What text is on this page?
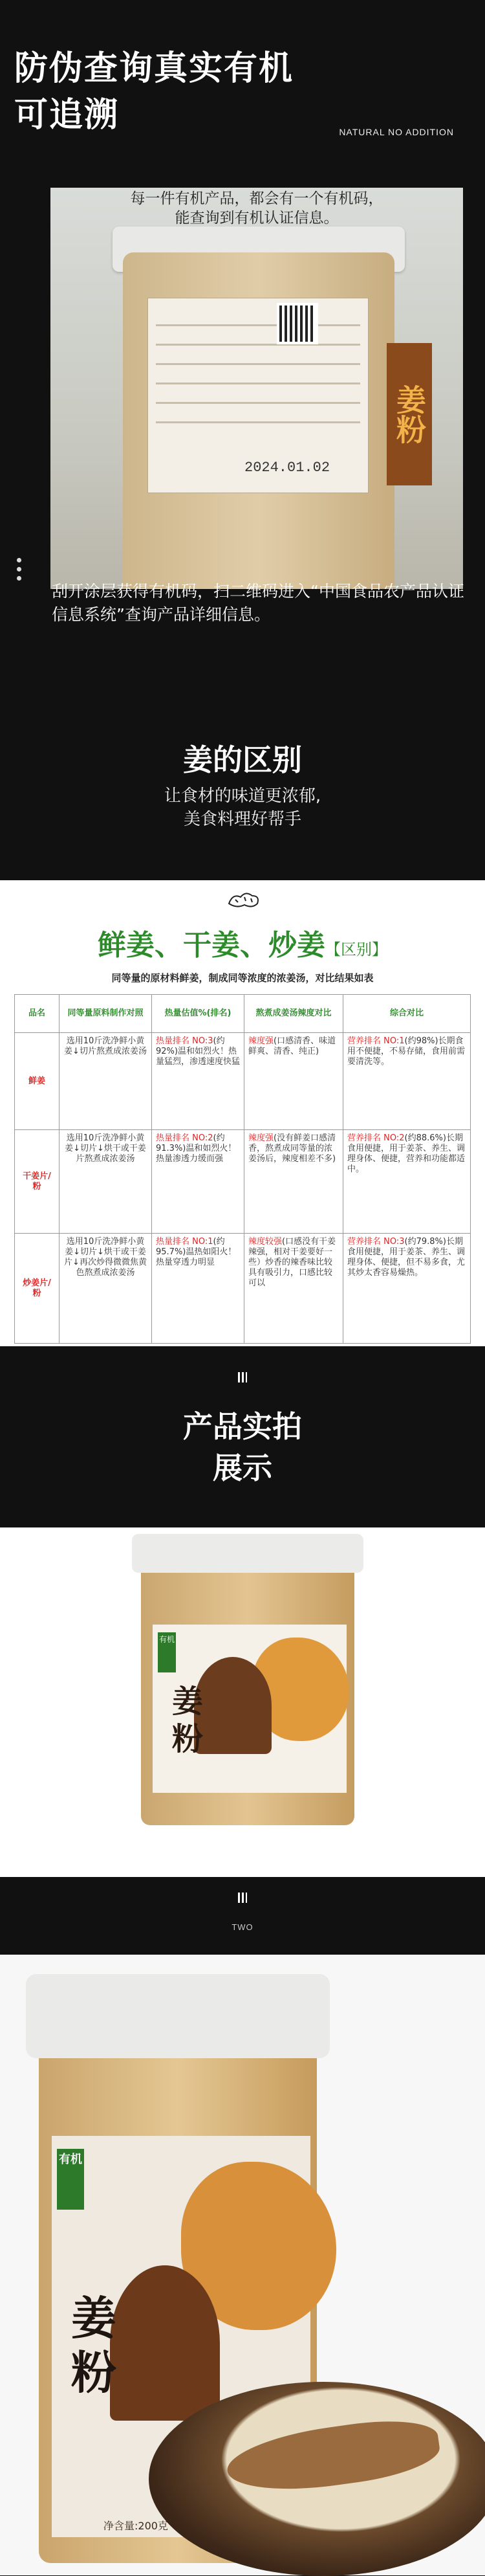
防伪查询真实有机
可追溯	NATURAL NO ADDITION
2024.01.02
姜粉
每一件有机产品，都会有一个有机码，
能查询到有机认证信息。
刮开涂层获得有机码，扫二维码进入“中国食品农产品认证信息系统”查询产品详细信息。
姜的区别
让食材的味道更浓郁,
美食料理好帮手
鲜姜、干姜、炒姜【区别】
同等量的原材料鲜姜，制成同等浓度的浓姜汤，对比结果如表
品名	同等量原料制作对照	热量估值%(排名)	熬煮成姜汤辣度对比	综合对比
鲜姜	选用10斤洗净鲜小黄姜↓切片熬煮成浓姜汤	热量排名 NO:3(约92%)温和如烈火！热量猛烈，渗透速度快猛	辣度强(口感清香、味道鲜爽、清香、纯正)	营养排名 NO:1(约98%)长期食用不便捷，不易存储，食用前需要清洗等。
干姜片/粉	选用10斤洗净鲜小黄姜↓切片↓烘干或干姜片熬煮成浓姜汤	热量排名 NO:2(约91.3%)温和如烈火！热量渗透力缓而强	辣度强(没有鲜姜口感清香，熬煮成同等量的浓姜汤后，辣度相差不多)	营养排名 NO:2(约88.6%)长期食用便捷，用于姜茶、养生、调理身体、便捷，营养和功能都适中。
炒姜片/粉	选用10斤洗净鲜小黄姜↓切片↓烘干或干姜片↓再次炒得微微焦黄色熬煮成浓姜汤	热量排名 NO:1(约95.7%)温热如阳火！热量穿透力明显	辣度较强(口感没有干姜辣强，相对干姜要好一些）炒香的辣香味比较具有吸引力，口感比较可以	营养排名 NO:3(约79.8%)长期食用便捷，用于姜茶、养生、调理身体、便捷，但不易多食，尤其炒太香容易燥热。
产品实拍
展示
有机
姜粉
TWO
有机
姜粉
净含量:200克
